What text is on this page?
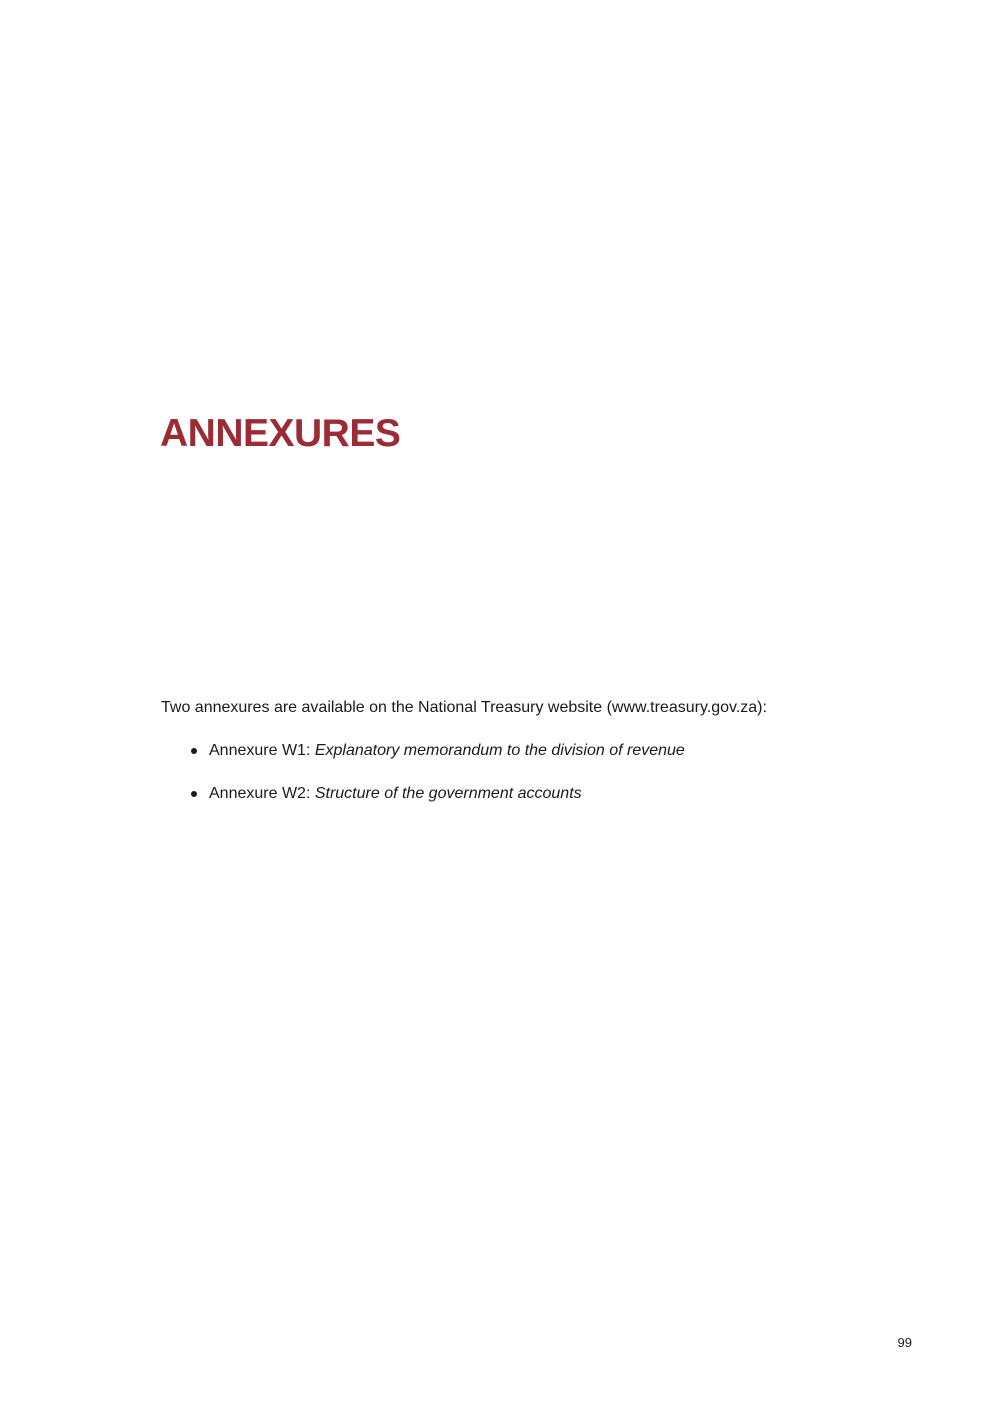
ANNEXURES

Two annexures are available on the National Treasury website (www.treasury.gov.za):

Annexure W1: Explanatory memorandum to the division of revenue
Annexure W2: Structure of the government accounts
99
